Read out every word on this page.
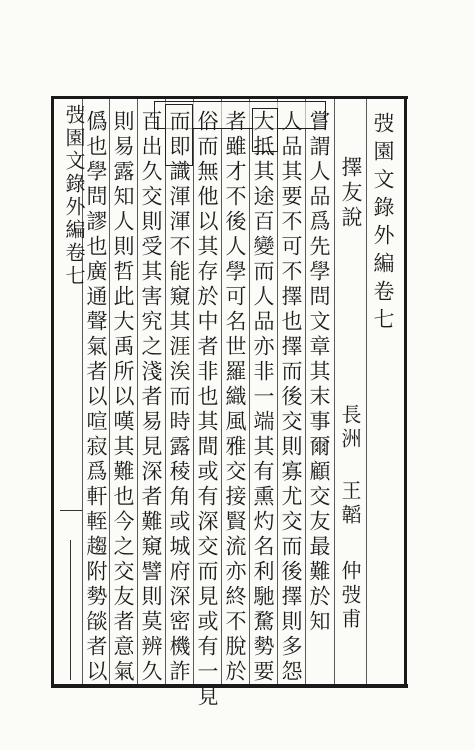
弢園文錄外編卷七
擇友說
長洲
王韜
仲弢甫
嘗謂人品爲先學問文章其末事爾顧交友最難於知
人品其要不可不擇也擇而後交則寡尤交而後擇則多怨
大抵其途百變而人品亦非一端其有熏灼名利馳騖勢要
者雖才不後人學可名世羅織風雅交接賢流亦終不脫於
俗而無他以其存於中者非也其間或有深交而見或有一見
而即識渾渾不能窺其涯涘而時露稜角或城府深密機詐
百出久交則受其害究之淺者易見深者難窺譬則莫辨久
則易露知人則哲此大禹所以嘆其難也今之交友者意氣
僞也學問謬也廣通聲氣者以喧寂爲軒輊趨附勢燄者以
弢園文錄外編卷七
